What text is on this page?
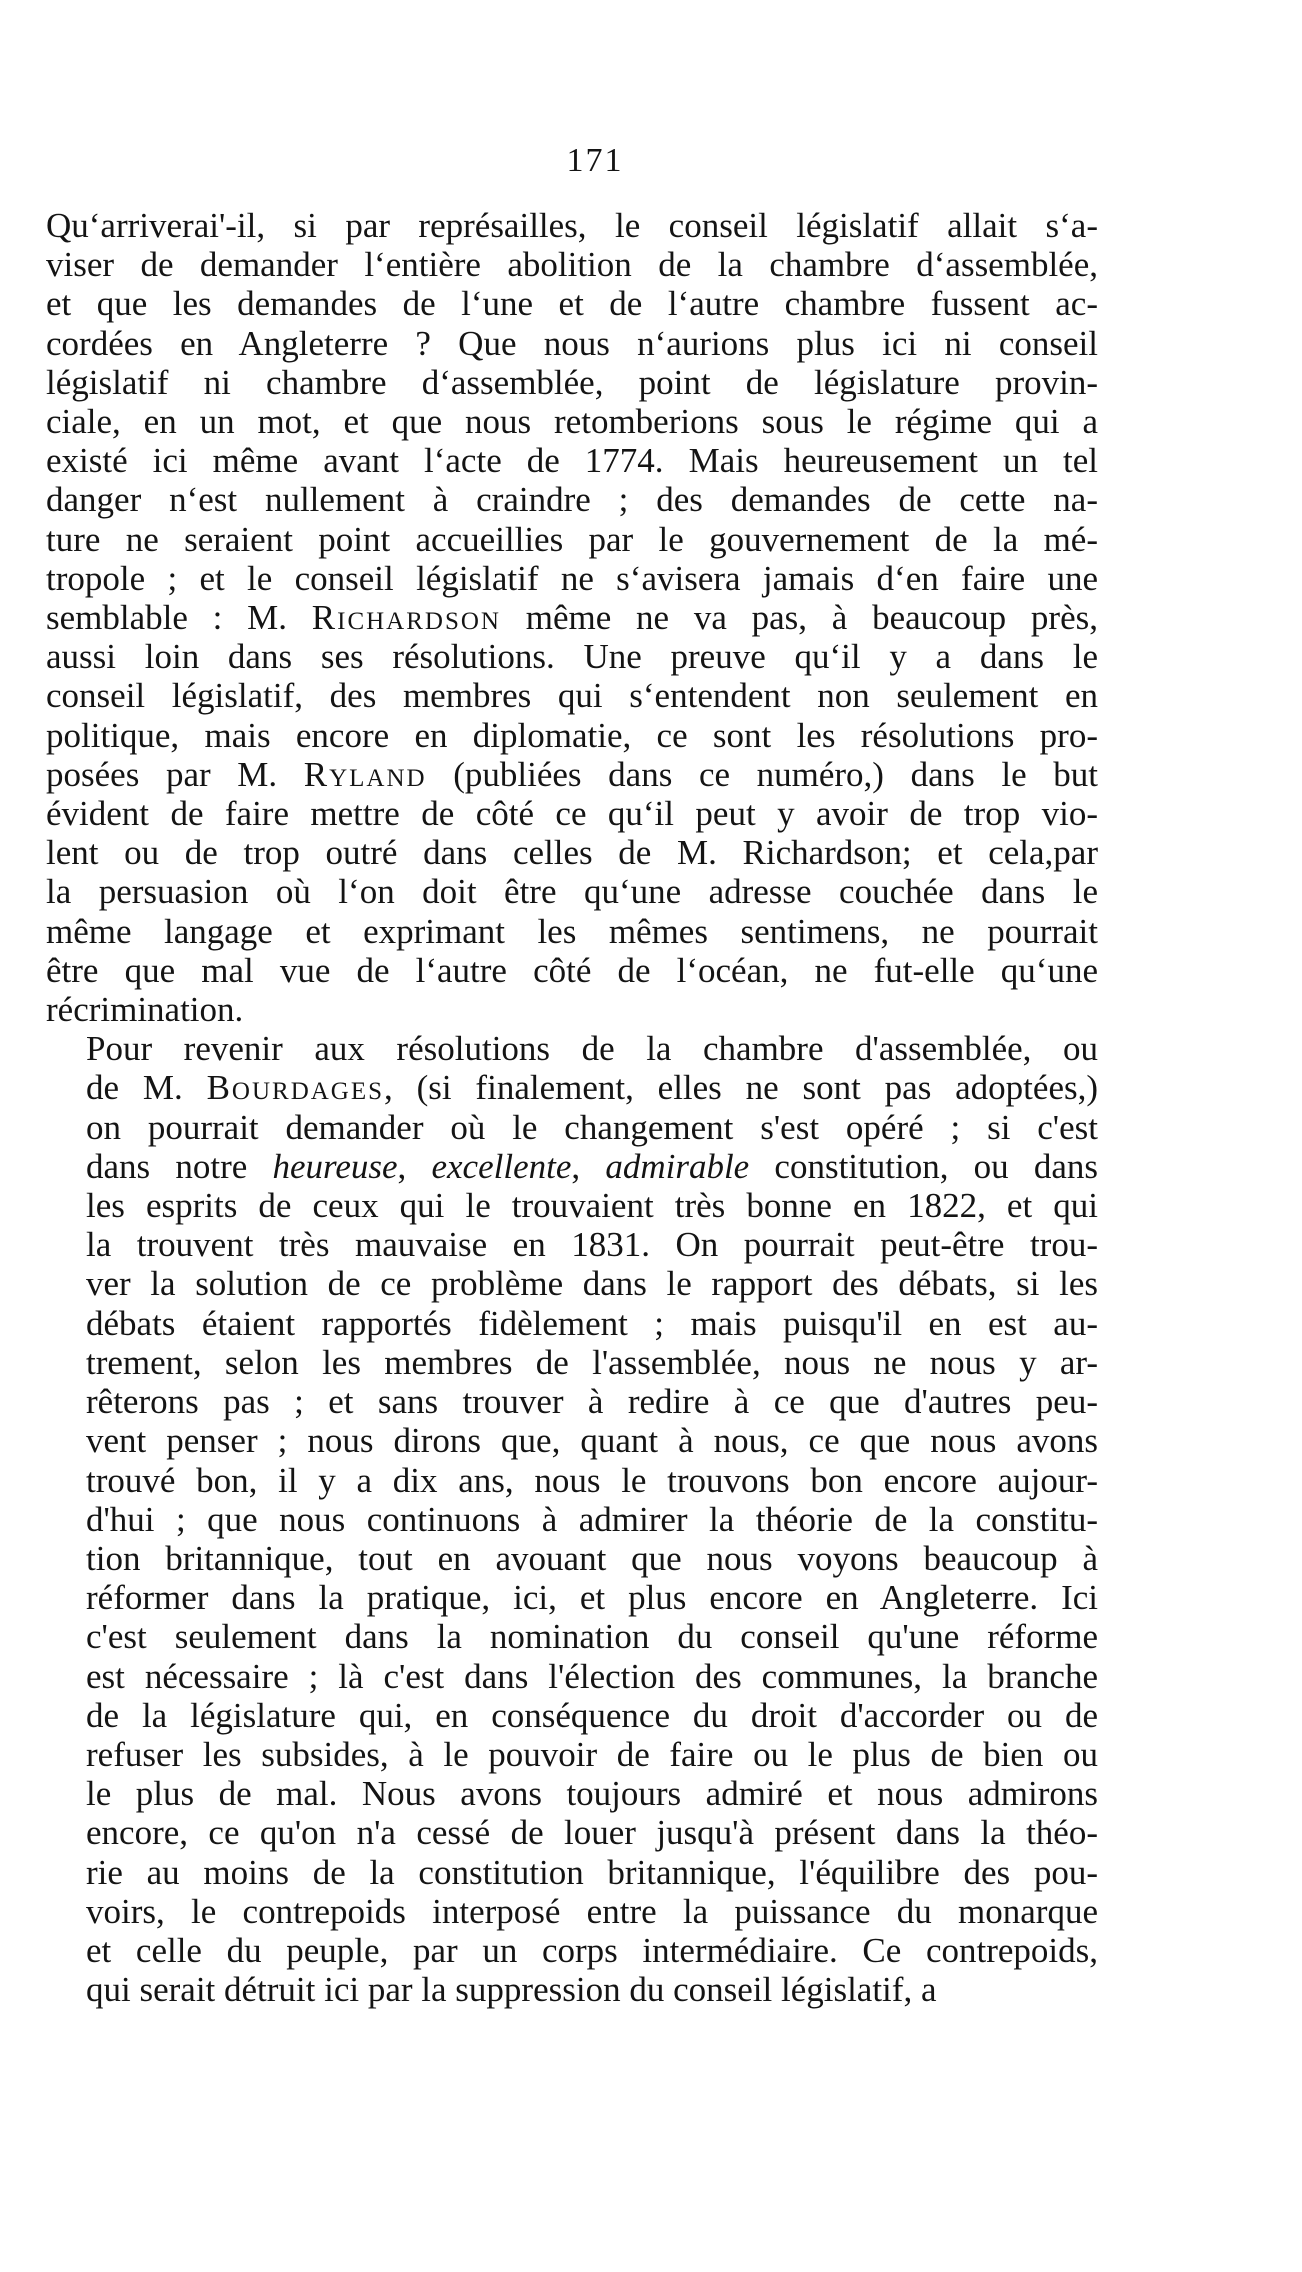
171

Qu‘arriverai'-il, si par représailles, le conseil législatif allait s‘a-
viser de demander l‘entière abolition de la chambre d‘assemblée,
et que les demandes de l‘une et de l‘autre chambre fussent ac-
cordées en Angleterre ? Que nous n‘aurions plus ici ni conseil
législatif ni chambre d‘assemblée, point de législature provin-
ciale, en un mot, et que nous retomberions sous le régime qui a
existé ici même avant l‘acte de 1774. Mais heureusement un tel
danger n‘est nullement à craindre ; des demandes de cette na-
ture ne seraient point accueillies par le gouvernement de la mé-
tropole ; et le conseil législatif ne s‘avisera jamais d‘en faire une
semblable : M. Richardson même ne va pas, à beaucoup près,
aussi loin dans ses résolutions. Une preuve qu‘il y a dans le
conseil législatif, des membres qui s‘entendent non seulement en
politique, mais encore en diplomatie, ce sont les résolutions pro-
posées par M. Ryland (publiées dans ce numéro,) dans le but
évident de faire mettre de côté ce qu‘il peut y avoir de trop vio-
lent ou de trop outré dans celles de M. Richardson; et cela,par
la persuasion où l‘on doit être qu‘une adresse couchée dans le
même langage et exprimant les mêmes sentimens, ne pourrait
être que mal vue de l‘autre côté de l‘océan, ne fut-elle qu‘une
récrimination.

Pour revenir aux résolutions de la chambre d'assemblée, ou
de M. Bourdages, (si finalement, elles ne sont pas adoptées,)
on pourrait demander où le changement s'est opéré ; si c'est
dans notre heureuse, excellente, admirable constitution, ou dans
les esprits de ceux qui le trouvaient très bonne en 1822, et qui
la trouvent très mauvaise en 1831. On pourrait peut-être trou-
ver la solution de ce problème dans le rapport des débats, si les
débats étaient rapportés fidèlement ; mais puisqu'il en est au-
trement, selon les membres de l'assemblée, nous ne nous y ar-
rêterons pas ; et sans trouver à redire à ce que d'autres peu-
vent penser ; nous dirons que, quant à nous, ce que nous avons
trouvé bon, il y a dix ans, nous le trouvons bon encore aujour-
d'hui ; que nous continuons à admirer la théorie de la constitu-
tion britannique, tout en avouant que nous voyons beaucoup à
réformer dans la pratique, ici, et plus encore en Angleterre. Ici
c'est seulement dans la nomination du conseil qu'une réforme
est nécessaire ; là c'est dans l'élection des communes, la branche
de la législature qui, en conséquence du droit d'accorder ou de
refuser les subsides, à le pouvoir de faire ou le plus de bien ou
le plus de mal. Nous avons toujours admiré et nous admirons
encore, ce qu'on n'a cessé de louer jusqu'à présent dans la théo-
rie au moins de la constitution britannique, l'équilibre des pou-
voirs, le contrepoids interposé entre la puissance du monarque
et celle du peuple, par un corps intermédiaire. Ce contrepoids,
qui serait détruit ici par la suppression du conseil législatif, a
